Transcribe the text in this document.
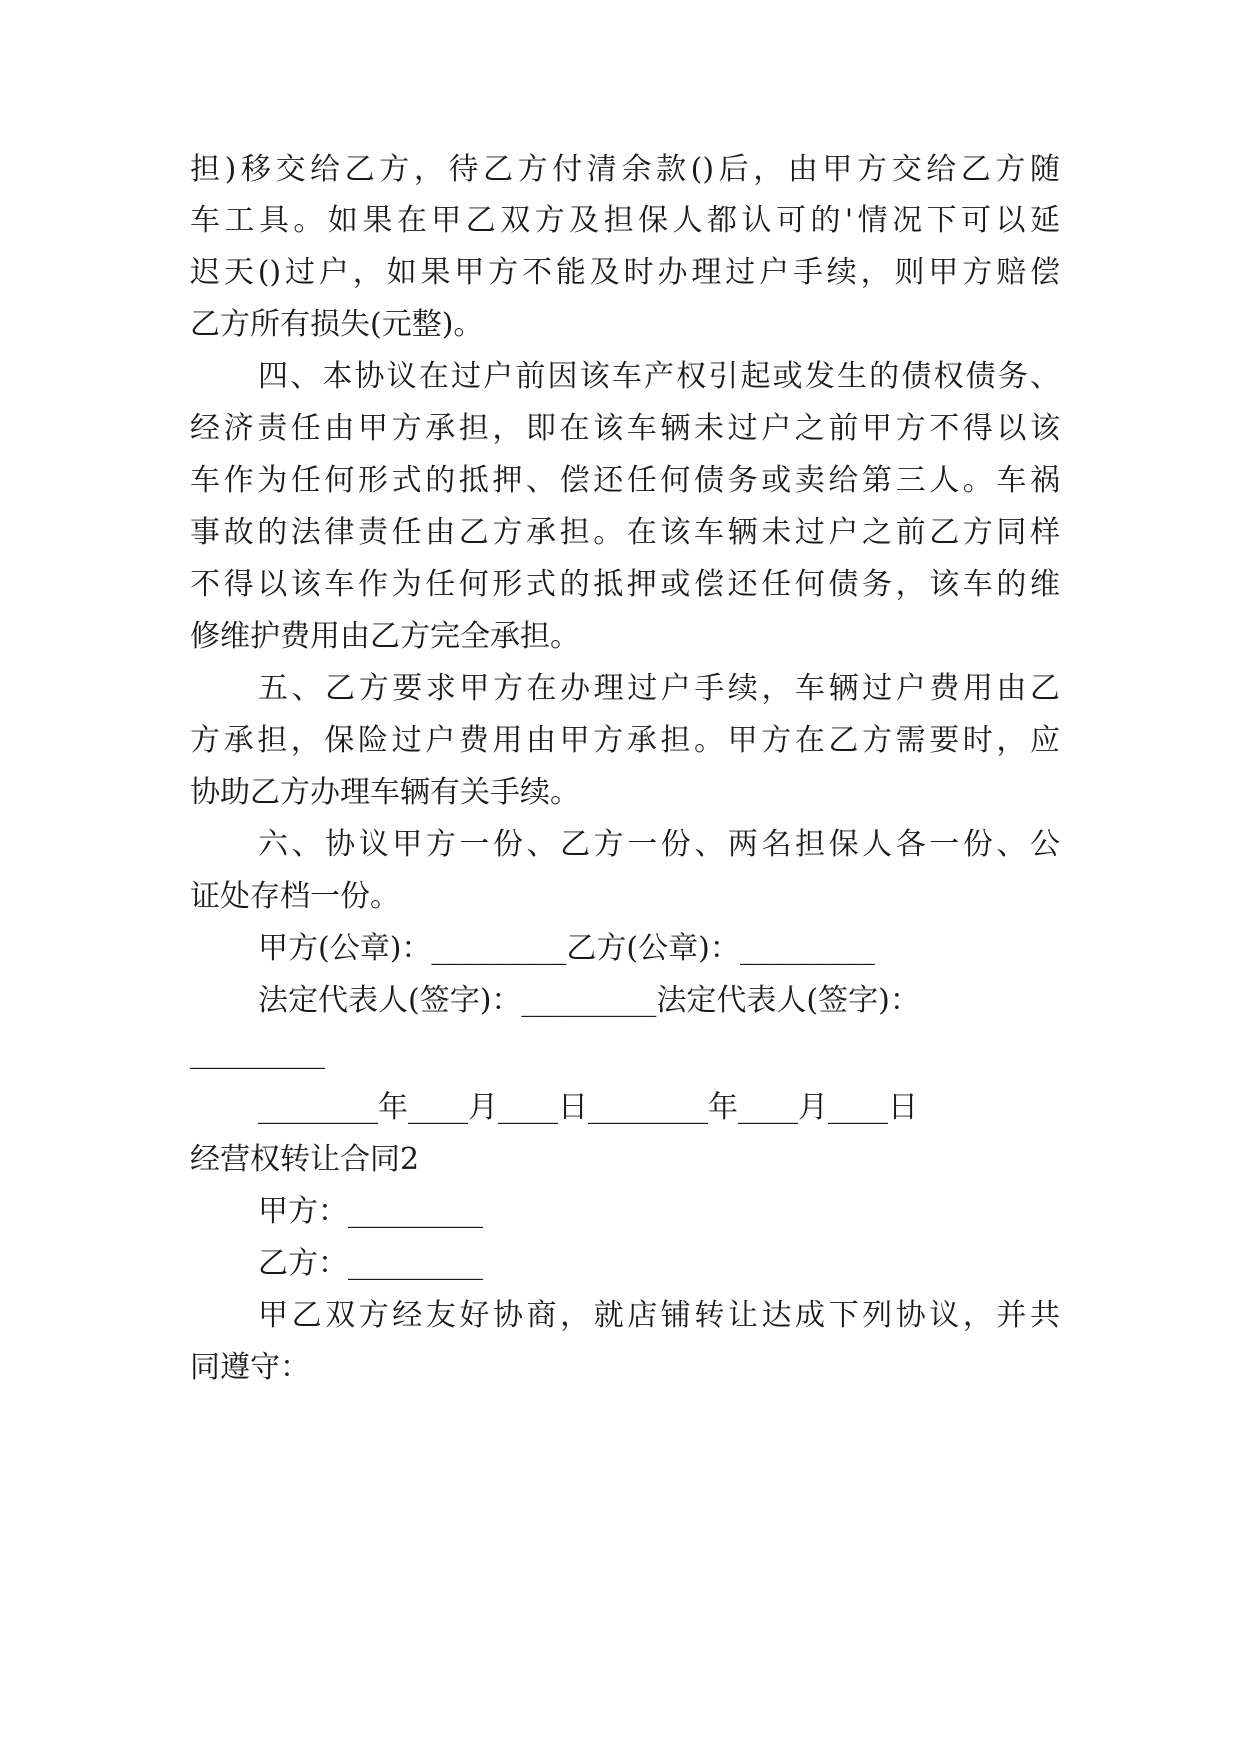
担)移交给乙方，待乙方付清余款()后，由甲方交给乙方随
车工具。如果在甲乙双方及担保人都认可的'情况下可以延
迟天()过户，如果甲方不能及时办理过户手续，则甲方赔偿
乙方所有损失(元整)。
四、本协议在过户前因该车产权引起或发生的债权债务、
经济责任由甲方承担，即在该车辆未过户之前甲方不得以该
车作为任何形式的抵押、偿还任何债务或卖给第三人。车祸
事故的法律责任由乙方承担。在该车辆未过户之前乙方同样
不得以该车作为任何形式的抵押或偿还任何债务，该车的维
修维护费用由乙方完全承担。
五、乙方要求甲方在办理过户手续，车辆过户费用由乙
方承担，保险过户费用由甲方承担。甲方在乙方需要时，应
协助乙方办理车辆有关手续。
六、协议甲方一份、乙方一份、两名担保人各一份、公
证处存档一份。
甲方(公章)：_________乙方(公章)：_________
法定代表人(签字)：_________法定代表人(签字)：
_________
________年____月____日________年____月____日
经营权转让合同2
甲方：_________
乙方：_________
甲乙双方经友好协商，就店铺转让达成下列协议，并共
同遵守：
